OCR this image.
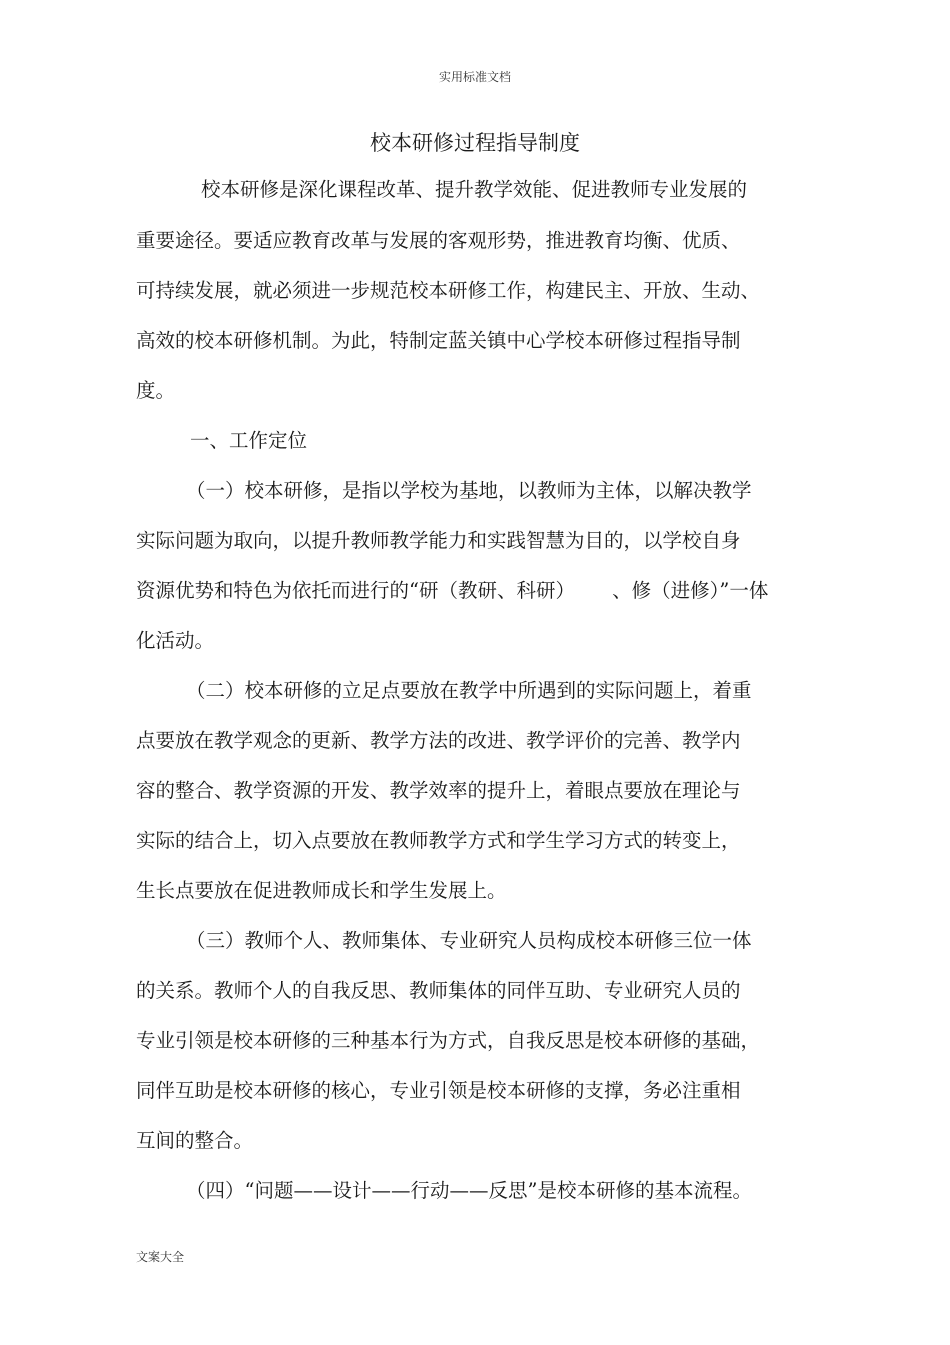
实用标准文档
校本研修过程指导制度
校本研修是深化课程改革、提升教学效能、促进教师专业发展的
重要途径。要适应教育改革与发展的客观形势，推进教育均衡、优质、
可持续发展，就必须进一步规范校本研修工作，构建民主、开放、生动、
高效的校本研修机制。为此，特制定蓝关镇中心学校本研修过程指导制
度。
一、工作定位
（一）校本研修，是指以学校为基地，以教师为主体，以解决教学
实际问题为取向，以提升教师教学能力和实践智慧为目的，以学校自身
资源优势和特色为依托而进行的“研（教研、科研）      、修（进修）”一体
化活动。
（二）校本研修的立足点要放在教学中所遇到的实际问题上，着重
点要放在教学观念的更新、教学方法的改进、教学评价的完善、教学内
容的整合、教学资源的开发、教学效率的提升上，着眼点要放在理论与
实际的结合上，切入点要放在教师教学方式和学生学习方式的转变上，
生长点要放在促进教师成长和学生发展上。
（三）教师个人、教师集体、专业研究人员构成校本研修三位一体
的关系。教师个人的自我反思、教师集体的同伴互助、专业研究人员的
专业引领是校本研修的三种基本行为方式，自我反思是校本研修的基础，
同伴互助是校本研修的核心，专业引领是校本研修的支撑，务必注重相
互间的整合。
（四）“问题——设计——行动——反思”是校本研修的基本流程。
文案大全
